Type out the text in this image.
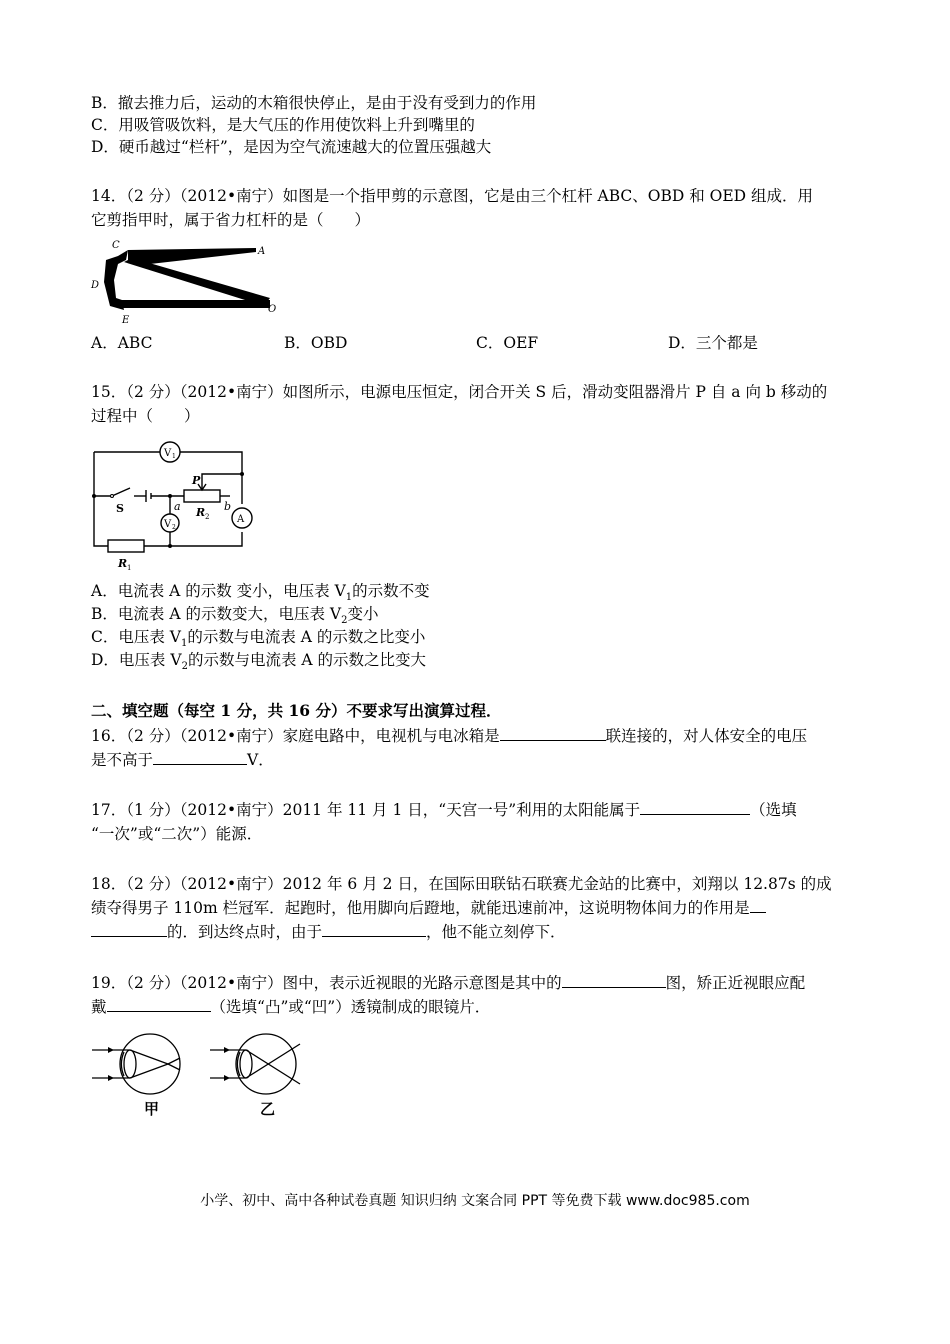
B．撤去推力后，运动的木箱很快停止，是由于没有受到力的作用
C．用吸管吸饮料，是大气压的作用使饮料上升到嘴里的
D．硬币越过“栏杆”，是因为空气流速越大的位置压强越大
14．（2 分）（2012•南宁）如图是一个指甲剪的示意图，它是由三个杠杆 ABC、OBD 和 OED 组成．用
它剪指甲时，属于省力杠杆的是（　　）
C
B	A
D
E
O
A．ABC	B．OBD	C．OEF	D．三个都是
15．（2 分）（2012•南宁）如图所示，电源电压恒定，闭合开关 S 后，滑动变阻器滑片 P 自 a 向 b 移动的
过程中（　　）
V 1
V 2
A
S
P
a	b
R 2
R 1
A．电流表 A 的示数 变小，电压表 $V_1$的示数不变
B．电流表 A 的示数变大，电压表 $V_2$变小
C．电压表 $V_1$的示数与电流表 A 的示数之比变小
D．电压表 $V_2$的示数与电流表 A 的示数之比变大
二、填空题（每空 1 分，共 16 分）不要求写出演算过程．
16．（2 分）（2012•南宁）家庭电路中，电视机与电冰箱是	联连接的，对人体安全的电压
是不高于	V．
17．（1 分）（2012•南宁）2011 年 11 月 1 日，“天宫一号”利用的太阳能属于	（选填
“一次”或“二次”）能源．
18．（2 分）（2012•南宁）2012 年 6 月 2 日，在国际田联钻石联赛尤金站的比赛中，刘翔以 12.87s 的成
绩夺得男子 110m 栏冠军．起跑时，他用脚向后蹬地，就能迅速前冲，这说明物体间力的作用是
的．到达终点时，由于	，他不能立刻停下．
19．（2 分）（2012•南宁）图中，表示近视眼的光路示意图是其中的	图，矫正近视眼应配
戴	（选填“凸”或“凹”）透镜制成的眼镜片．
甲	乙
小学、初中、高中各种试卷真题 知识归纳 文案合同 PPT 等免费下载 www.doc985.com
